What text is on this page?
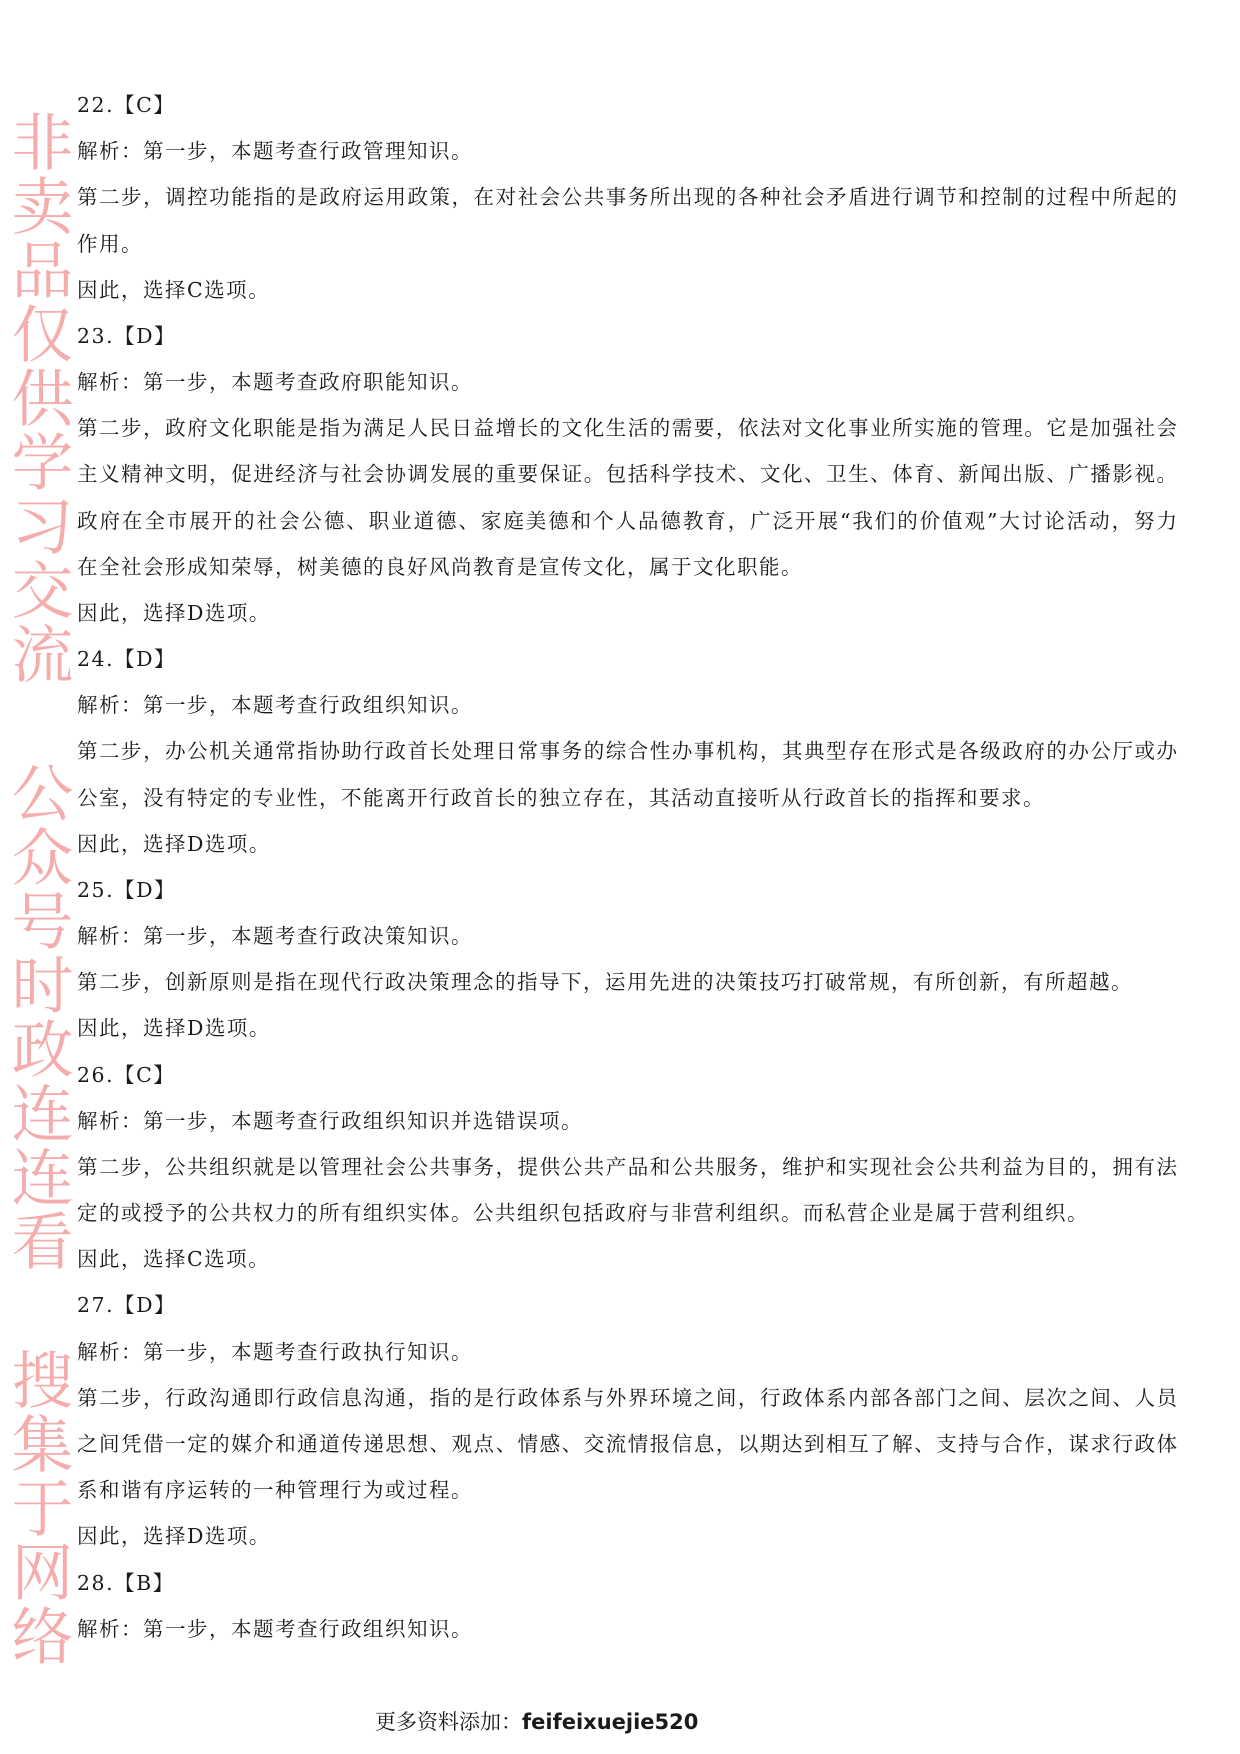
22.【C】
解析：第一步，本题考查行政管理知识。
第二步，调控功能指的是政府运用政策，在对社会公共事务所出现的各种社会矛盾进行调节和控制的过程中所起的
作用。
因此，选择C选项。
23.【D】
解析：第一步，本题考查政府职能知识。
第二步，政府文化职能是指为满足人民日益增长的文化生活的需要，依法对文化事业所实施的管理。它是加强社会
主义精神文明，促进经济与社会协调发展的重要保证。包括科学技术、文化、卫生、体育、新闻出版、广播影视。
政府在全市展开的社会公德、职业道德、家庭美德和个人品德教育，广泛开展“我们的价值观”大讨论活动，努力
在全社会形成知荣辱，树美德的良好风尚教育是宣传文化，属于文化职能。
因此，选择D选项。
24.【D】
解析：第一步，本题考查行政组织知识。
第二步，办公机关通常指协助行政首长处理日常事务的综合性办事机构，其典型存在形式是各级政府的办公厅或办
公室，没有特定的专业性，不能离开行政首长的独立存在，其活动直接听从行政首长的指挥和要求。
因此，选择D选项。
25.【D】
解析：第一步，本题考查行政决策知识。
第二步，创新原则是指在现代行政决策理念的指导下，运用先进的决策技巧打破常规，有所创新，有所超越。
因此，选择D选项。
26.【C】
解析：第一步，本题考查行政组织知识并选错误项。
第二步，公共组织就是以管理社会公共事务，提供公共产品和公共服务，维护和实现社会公共利益为目的，拥有法
定的或授予的公共权力的所有组织实体。公共组织包括政府与非营利组织。而私营企业是属于营利组织。
因此，选择C选项。
27.【D】
解析：第一步，本题考查行政执行知识。
第二步，行政沟通即行政信息沟通，指的是行政体系与外界环境之间，行政体系内部各部门之间、层次之间、人员
之间凭借一定的媒介和通道传递思想、观点、情感、交流情报信息，以期达到相互了解、支持与合作，谋求行政体
系和谐有序运转的一种管理行为或过程。
因此，选择D选项。
28.【B】
解析：第一步，本题考查行政组织知识。
非卖品仅供学习交流 公众号时政连连看 搜集于网络
更多资料添加：feifeixuejie520
